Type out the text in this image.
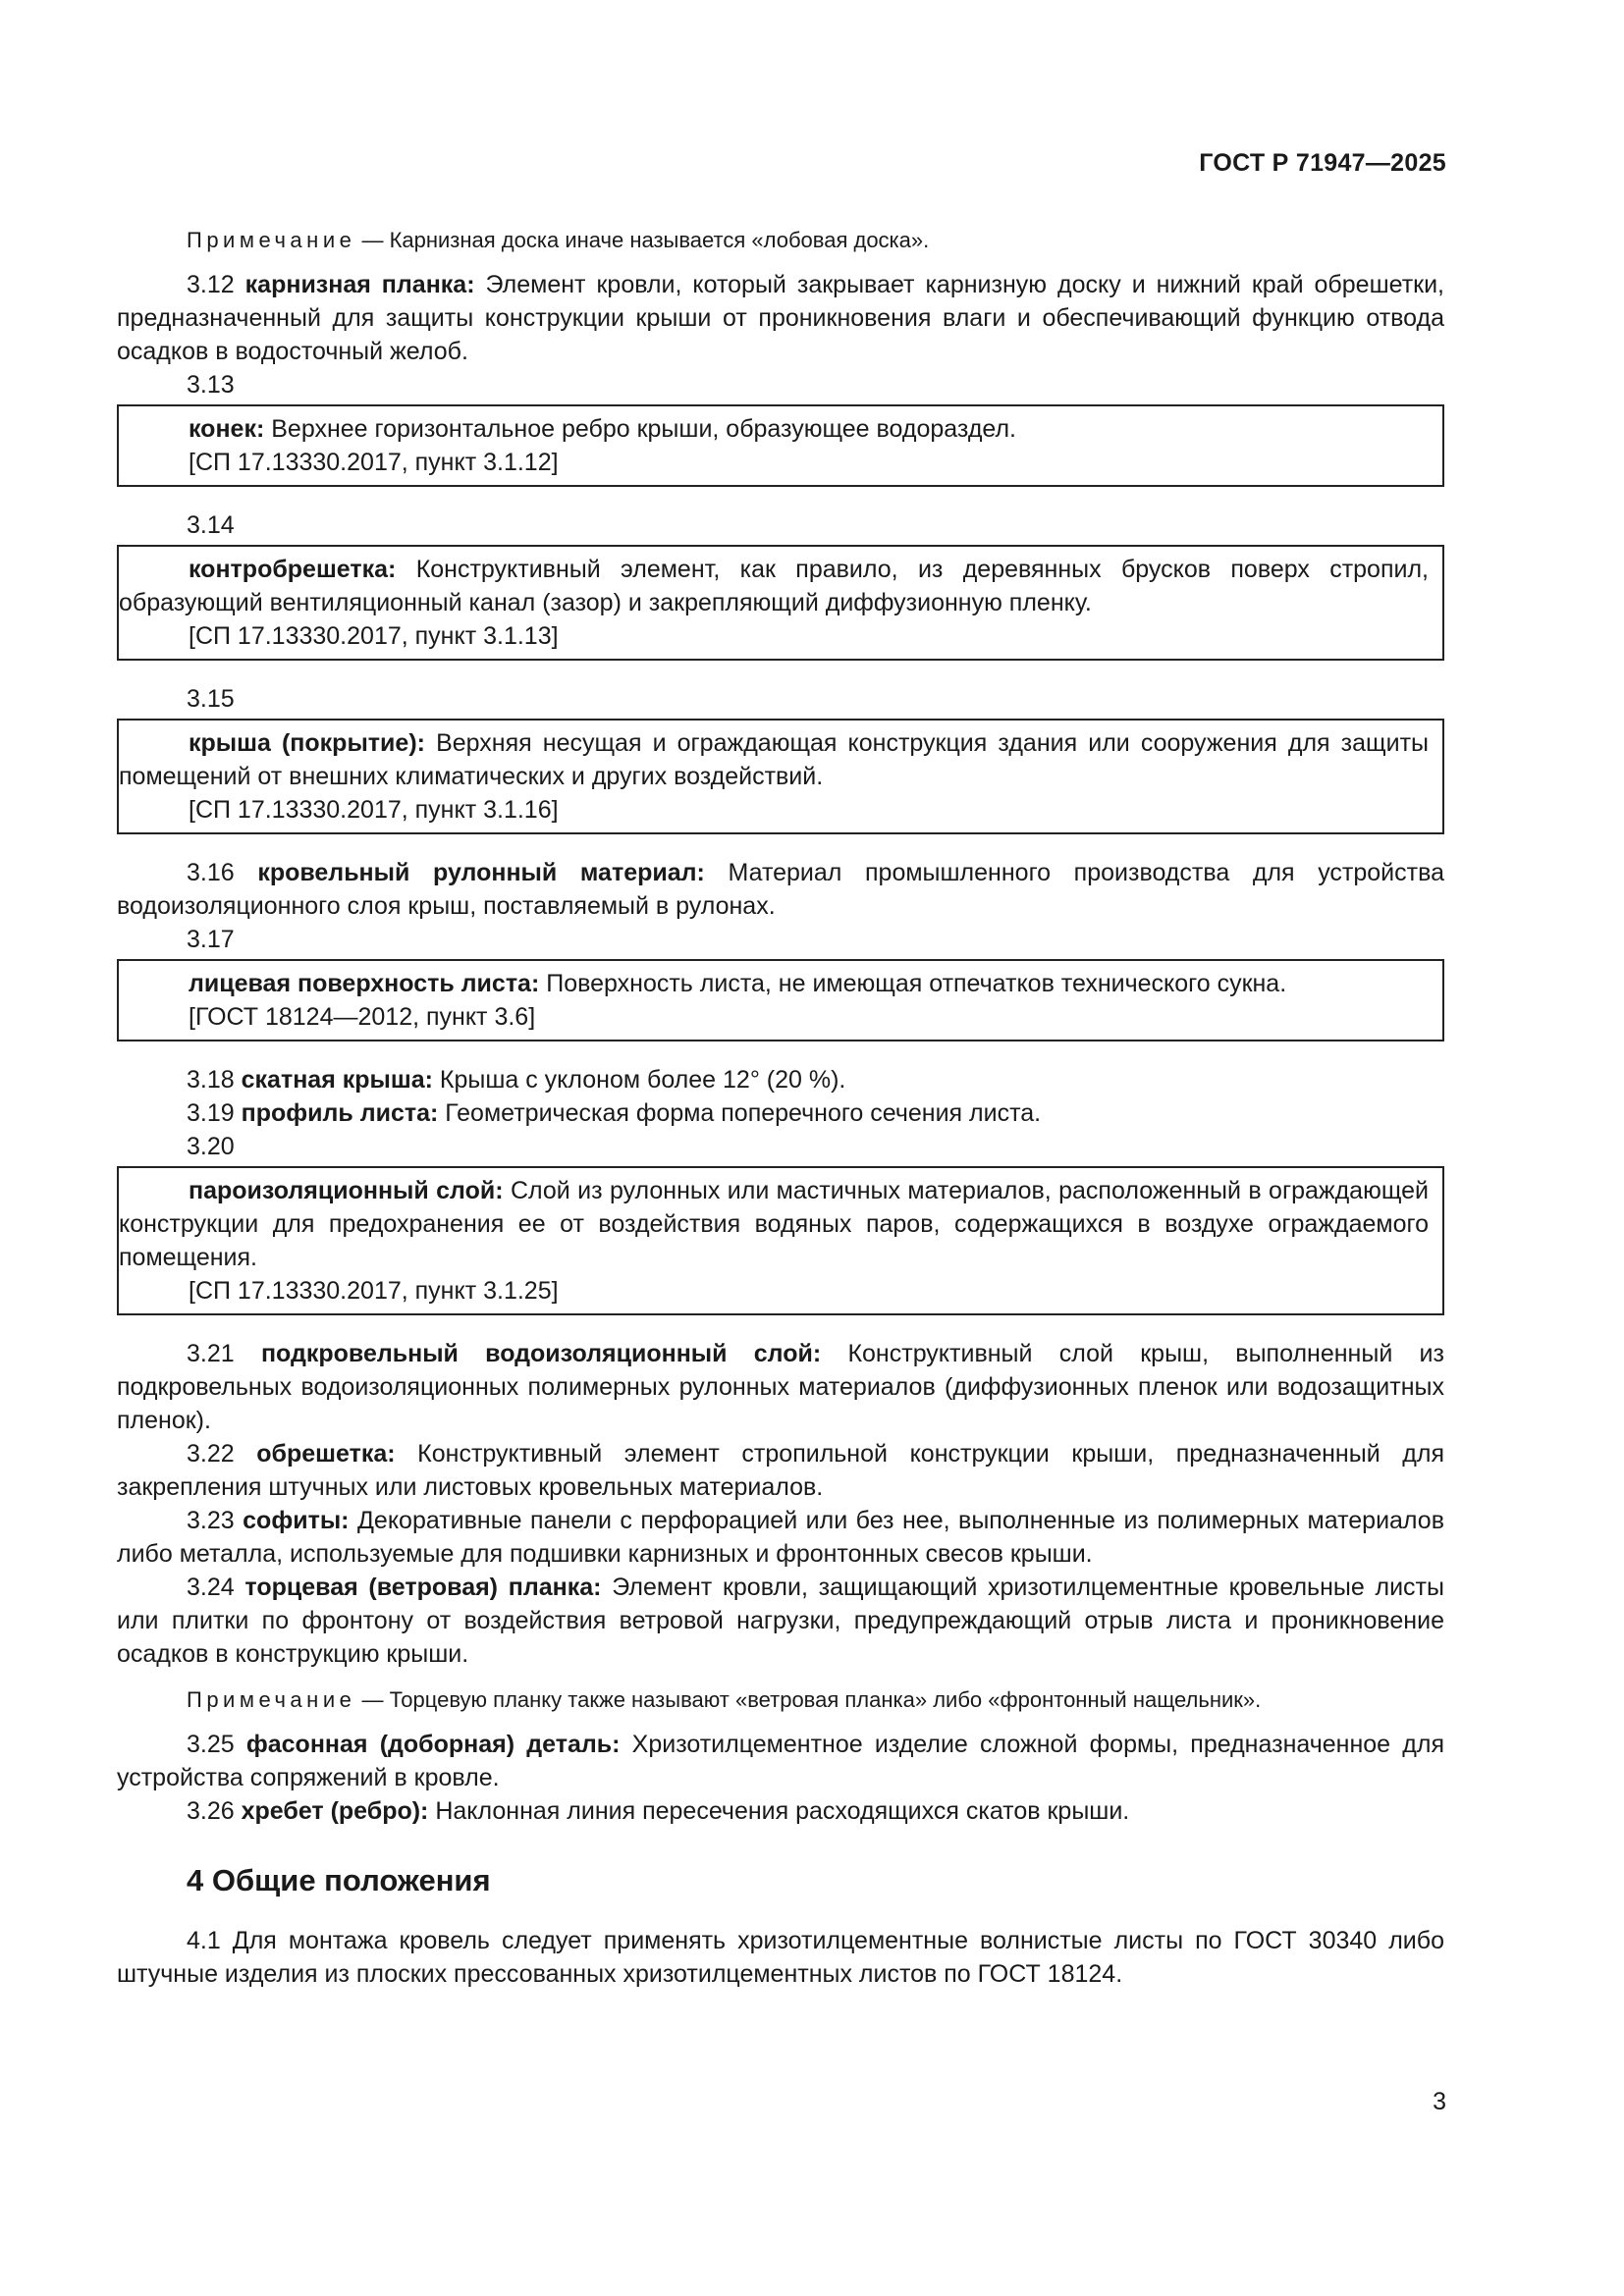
ГОСТ Р 71947—2025

Примечание — Карнизная доска иначе называется «лобовая доска».

3.12 карнизная планка: Элемент кровли, который закрывает карнизную доску и нижний край обрешетки, предназначенный для защиты конструкции крыши от проникновения влаги и обеспечивающий функцию отвода осадков в водосточный желоб.

3.13

конек: Верхнее горизонтальное ребро крыши, образующее водораздел.

[СП 17.13330.2017, пункт 3.1.12]

3.14

контробрешетка: Конструктивный элемент, как правило, из деревянных брусков поверх стропил, образующий вентиляционный канал (зазор) и закрепляющий диффузионную пленку.

[СП 17.13330.2017, пункт 3.1.13]

3.15

крыша (покрытие): Верхняя несущая и ограждающая конструкция здания или сооружения для защиты помещений от внешних климатических и других воздействий.

[СП 17.13330.2017, пункт 3.1.16]

3.16 кровельный рулонный материал: Материал промышленного производства для устройства водоизоляционного слоя крыш, поставляемый в рулонах.

3.17

лицевая поверхность листа: Поверхность листа, не имеющая отпечатков технического сукна.

[ГОСТ 18124—2012, пункт 3.6]

3.18 скатная крыша: Крыша с уклоном более 12° (20 %).

3.19 профиль листа: Геометрическая форма поперечного сечения листа.

3.20

пароизоляционный слой: Слой из рулонных или мастичных материалов, расположенный в ограждающей конструкции для предохранения ее от воздействия водяных паров, содержащихся в воздухе ограждаемого помещения.

[СП 17.13330.2017, пункт 3.1.25]

3.21 подкровельный водоизоляционный слой: Конструктивный слой крыш, выполненный из подкровельных водоизоляционных полимерных рулонных материалов (диффузионных пленок или водозащитных пленок).

3.22 обрешетка: Конструктивный элемент стропильной конструкции крыши, предназначенный для закрепления штучных или листовых кровельных материалов.

3.23 софиты: Декоративные панели с перфорацией или без нее, выполненные из полимерных материалов либо металла, используемые для подшивки карнизных и фронтонных свесов крыши.

3.24 торцевая (ветровая) планка: Элемент кровли, защищающий хризотилцементные кровельные листы или плитки по фронтону от воздействия ветровой нагрузки, предупреждающий отрыв листа и проникновение осадков в конструкцию крыши.

Примечание — Торцевую планку также называют «ветровая планка» либо «фронтонный нащельник».

3.25 фасонная (доборная) деталь: Хризотилцементное изделие сложной формы, предназначенное для устройства сопряжений в кровле.

3.26 хребет (ребро): Наклонная линия пересечения расходящихся скатов крыши.

4 Общие положения

4.1 Для монтажа кровель следует применять хризотилцементные волнистые листы по ГОСТ 30340 либо штучные изделия из плоских прессованных хризотилцементных листов по ГОСТ 18124.

3
